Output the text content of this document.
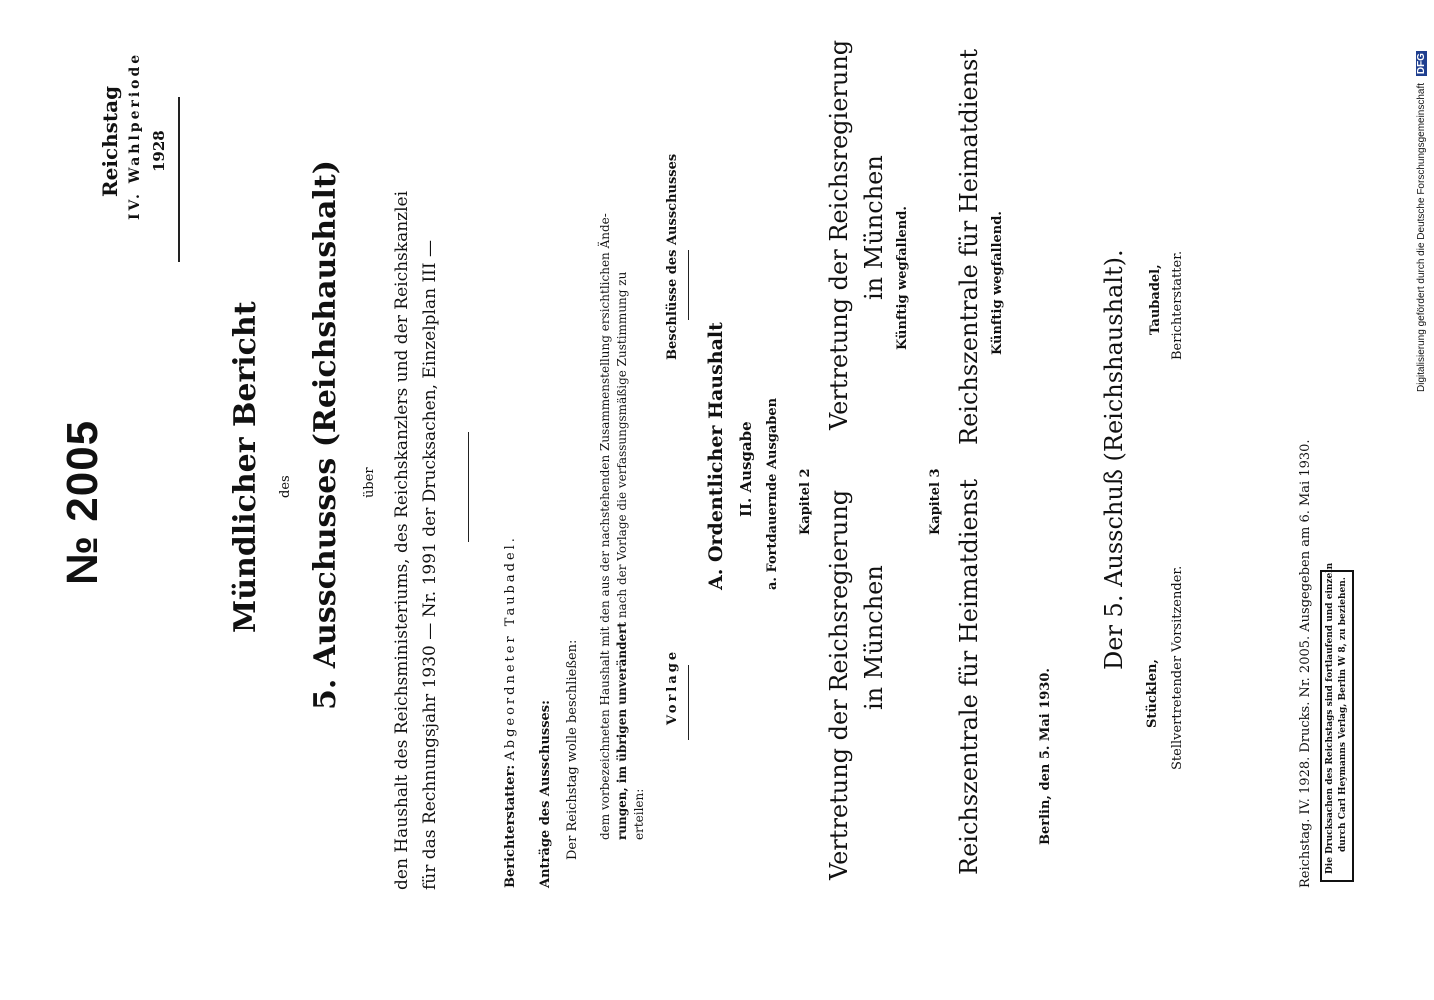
№ 2005
Reichstag IV. Wahlperiode 1928
Mündlicher Bericht des 5. Ausschusses (Reichshaushalt) über den Haushalt des Reichsministeriums, des Reichskanzlers und der Reichskanzlei für das Rechnungsjahr 1930 — Nr. 1991 der Drucksachen, Einzelplan III —	Berichterstatter: Abgeordneter Taubadel.
Anträge des Ausschusses: Der Reichstag wolle beschließen: dem vorbezeichneten Haushalt mit den aus der nachstehenden Zusammenstellung ersichtlichen Ände- rungen, im übrigen unverändert nach der Vorlage die verfassungsmäßige Zustimmung zu
erteilen:
Vorlage
Beschlüsse des Ausschusses
A. Ordentlicher Haushalt II. Ausgabe a. Fortdauernde Ausgaben Kapitel 2 Vertretung der Reichsregierung in München
Vertretung der Reichsregierung in München Künftig wegfallend.
Kapitel 3 Reichszentrale für Heimatdienst
Reichszentrale für Heimatdienst Künftig wegfallend.
Berlin, den 5. Mai 1930.
Der 5. Ausschuß (Reichshaushalt).
Stücklen, Stellvertretender Vorsitzender.
Taubadel, Berichterstatter.
Reichstag. IV. 1928. Drucks. Nr. 2005. Ausgegeben am 6. Mai 1930. Die Drucksachen des Reichstags sind fortlaufend und einzeln durch Carl Heymanns Verlag, Berlin W 8, zu beziehen.
Digitalisierung gefördert durch die Deutsche Forschungsgemeinschaft DFG
